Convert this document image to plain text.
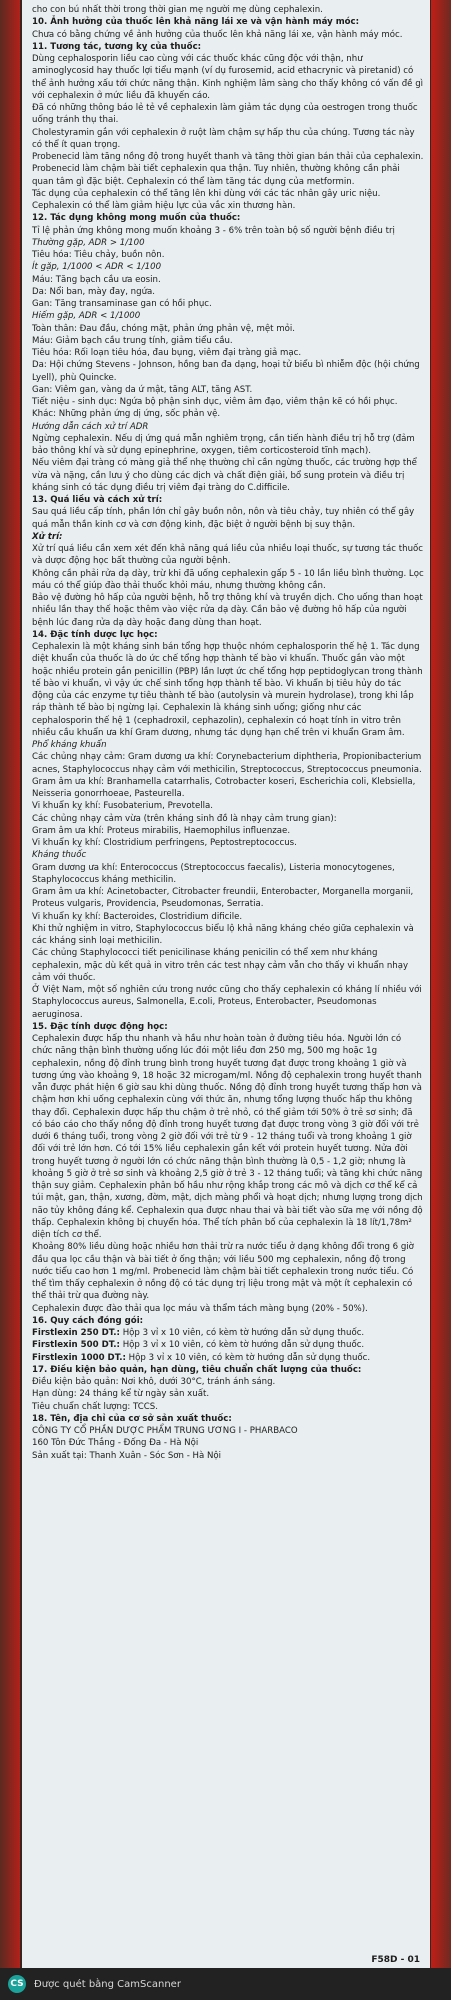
cho con bú nhất thời trong thời gian mẹ người mẹ dùng cephalexin.

10. Ảnh hưởng của thuốc lên khả năng lái xe và vận hành máy móc:

Chưa có bằng chứng về ảnh hưởng của thuốc lên khả năng lái xe, vận hành máy móc.

11. Tương tác, tương kỵ của thuốc:

Dùng cephalosporin liều cao cùng với các thuốc khác cũng độc với thận, như aminoglycosid hay thuốc lợi tiểu mạnh (ví dụ furosemid, acid ethacrynic và piretanid) có thể ảnh hưởng xấu tới chức năng thận. Kinh nghiệm lâm sàng cho thấy không có vấn đề gì với cephalexin ở mức liều đã khuyến cáo.

Đã có những thông báo lẻ tẻ về cephalexin làm giảm tác dụng của oestrogen trong thuốc uống tránh thụ thai.

Cholestyramin gắn với cephalexin ở ruột làm chậm sự hấp thu của chúng. Tương tác này có thể ít quan trọng.

Probenecid làm tăng nồng độ trong huyết thanh và tăng thời gian bán thải của cephalexin. Probenecid làm chậm bài tiết cephalexin qua thận. Tuy nhiên, thường không cần phải quan tâm gì đặc biệt. Cephalexin có thể làm tăng tác dụng của metformin.

Tác dụng của cephalexin có thể tăng lên khi dùng với các tác nhân gây uric niệu. Cephalexin có thể làm giảm hiệu lực của vắc xin thương hàn.

12. Tác dụng không mong muốn của thuốc:

Tỉ lệ phản ứng không mong muốn khoảng 3 - 6% trên toàn bộ số người bệnh điều trị

Thường gặp, ADR > 1/100

Tiêu hóa: Tiêu chảy, buồn nôn.

Ít gặp, 1/1000 < ADR < 1/100

Máu: Tăng bạch cầu ưa eosin.

Da: Nổi ban, mày đay, ngứa.

Gan: Tăng transaminase gan có hồi phục.

Hiếm gặp, ADR < 1/1000

Toàn thân: Đau đầu, chóng mặt, phản ứng phản vệ, mệt mỏi.

Máu: Giảm bạch cầu trung tính, giảm tiểu cầu.

Tiêu hóa: Rối loạn tiêu hóa, đau bụng, viêm đại tràng giả mạc.

Da: Hội chứng Stevens - Johnson, hồng ban đa dạng, hoại tử biểu bì nhiễm độc (hội chứng Lyell), phù Quincke.

Gan: Viêm gan, vàng da ứ mật, tăng ALT, tăng AST.

Tiết niệu - sinh dục: Ngứa bộ phận sinh dục, viêm âm đạo, viêm thận kẽ có hồi phục.

Khác: Những phản ứng dị ứng, sốc phản vệ.

Hướng dẫn cách xử trí ADR

Ngừng cephalexin. Nếu dị ứng quá mẫn nghiêm trọng, cần tiến hành điều trị hỗ trợ (đảm bảo thông khí và sử dụng epinephrine, oxygen, tiêm corticosteroid tĩnh mạch).

Nếu viêm đại tràng có màng giả thể nhẹ thường chỉ cần ngừng thuốc, các trường hợp thể vừa và nặng, cần lưu ý cho dùng các dịch và chất điện giải, bổ sung protein và điều trị kháng sinh có tác dụng điều trị viêm đại tràng do C.difficile.

13. Quá liều và cách xử trí:

Sau quá liều cấp tính, phần lớn chỉ gây buồn nôn, nôn và tiêu chảy, tuy nhiên có thể gây quá mẫn thần kinh cơ và cơn động kinh, đặc biệt ở người bệnh bị suy thận.

Xử trí:

Xử trí quá liều cần xem xét đến khả năng quá liều của nhiều loại thuốc, sự tương tác thuốc và dược động học bất thường của người bệnh.

Không cần phải rửa dạ dày, trừ khi đã uống cephalexin gấp 5 - 10 lần liều bình thường. Lọc máu có thể giúp đào thải thuốc khỏi máu, nhưng thường không cần.

Bảo vệ đường hô hấp của người bệnh, hỗ trợ thông khí và truyền dịch. Cho uống than hoạt nhiều lần thay thế hoặc thêm vào việc rửa dạ dày. Cần bảo vệ đường hô hấp của người bệnh lúc đang rửa dạ dày hoặc đang dùng than hoạt.

14. Đặc tính dược lực học:

Cephalexin là một kháng sinh bán tổng hợp thuộc nhóm cephalosporin thế hệ 1. Tác dụng diệt khuẩn của thuốc là do ức chế tổng hợp thành tế bào vi khuẩn. Thuốc gắn vào một hoặc nhiều protein gắn penicillin (PBP) lần lượt ức chế tổng hợp peptidoglycan trong thành tế bào vi khuẩn, vì vậy ức chế sinh tổng hợp thành tế bào. Vi khuẩn bị tiêu hủy do tác động của các enzyme tự tiêu thành tế bào (autolysin và murein hydrolase), trong khi lắp ráp thành tế bào bị ngừng lại. Cephalexin là kháng sinh uống; giống như các cephalosporin thế hệ 1 (cephadroxil, cephazolin), cephalexin có hoạt tính in vitro trên nhiều cầu khuẩn ưa khí Gram dương, nhưng tác dụng hạn chế trên vi khuẩn Gram âm.

Phổ kháng khuẩn

Các chủng nhạy cảm: Gram dương ưa khí: Corynebacterium diphtheria, Propionibacterium acnes, Staphylococcus nhạy cảm với methicilin, Streptococcus, Streptococcus pneumonia.

Gram âm ưa khí: Branhamella catarrhalis, Cotrobacter koseri, Escherichia coli, Klebsiella, Neisseria gonorrhoeae, Pasteurella.

Vi khuẩn kỵ khí: Fusobaterium, Prevotella.

Các chủng nhạy cảm vừa (trên kháng sinh đồ là nhạy cảm trung gian):

Gram âm ưa khí: Proteus mirabilis, Haemophilus influenzae.

Vi khuẩn kỵ khí: Clostridium perfringens, Peptostreptococcus.

Kháng thuốc

Gram dương ưa khí: Enterococcus (Streptococcus faecalis), Listeria monocytogenes, Staphylococcus kháng methicilin.

Gram âm ưa khí: Acinetobacter, Citrobacter freundii, Enterobacter, Morganella morganii, Proteus vulgaris, Providencia, Pseudomonas, Serratia.

Vi khuẩn kỵ khí: Bacteroides, Clostridium dificile.

Khi thử nghiệm in vitro, Staphylococcus biểu lộ khả năng kháng chéo giữa cephalexin và các kháng sinh loại methicilin.

Các chủng Staphylococci tiết penicilinase kháng penicilin có thể xem như kháng cephalexin, mặc dù kết quả in vitro trên các test nhạy cảm vẫn cho thấy vi khuẩn nhạy cảm với thuốc.

Ở Việt Nam, một số nghiên cứu trong nước cũng cho thấy cephalexin có kháng lí nhiều với Staphylococcus aureus, Salmonella, E.coli, Proteus, Enterobacter, Pseudomonas aeruginosa.

15. Đặc tính dược động học:

Cephalexin được hấp thu nhanh và hầu như hoàn toàn ở đường tiêu hóa. Người lớn có chức năng thận bình thường uống lúc đói một liều đơn 250 mg, 500 mg hoặc 1g cephalexin, nồng độ đỉnh trung bình trong huyết tương đạt được trong khoảng 1 giờ và tương ứng vào khoảng 9, 18 hoặc 32 microgam/ml. Nồng độ cephalexin trong huyết thanh vẫn được phát hiện 6 giờ sau khi dùng thuốc. Nồng độ đỉnh trong huyết tương thấp hơn và chậm hơn khi uống cephalexin cùng với thức ăn, nhưng tổng lượng thuốc hấp thu không thay đổi. Cephalexin được hấp thu chậm ở trẻ nhỏ, có thể giảm tới 50% ở trẻ sơ sinh; đã có báo cáo cho thấy nồng độ đỉnh trong huyết tương đạt được trong vòng 3 giờ đối với trẻ dưới 6 tháng tuổi, trong vòng 2 giờ đối với trẻ từ 9 - 12 tháng tuổi và trong khoảng 1 giờ đối với trẻ lớn hơn. Có tới 15% liều cephalexin gắn kết với protein huyết tương. Nửa đời trong huyết tương ở người lớn có chức năng thận bình thường là 0,5 - 1,2 giờ; nhưng là khoảng 5 giờ ở trẻ sơ sinh và khoảng 2,5 giờ ở trẻ 3 - 12 tháng tuổi; và tăng khi chức năng thận suy giảm. Cephalexin phân bố hầu như rộng khắp trong các mô và dịch cơ thể kể cả túi mật, gan, thận, xương, đờm, mật, dịch màng phổi và hoạt dịch; nhưng lượng trong dịch não tủy không đáng kể. Cephalexin qua được nhau thai và bài tiết vào sữa mẹ với nồng độ thấp. Cephalexin không bị chuyển hóa. Thể tích phân bố của cephalexin là 18 lít/1,78m² diện tích cơ thể.

Khoảng 80% liều dùng hoặc nhiều hơn thải trừ ra nước tiểu ở dạng không đổi trong 6 giờ đầu qua lọc cầu thận và bài tiết ở ống thận; với liều 500 mg cephalexin, nồng độ trong nước tiểu cao hơn 1 mg/ml. Probenecid làm chậm bài tiết cephalexin trong nước tiểu. Có thể tìm thấy cephalexin ở nồng độ có tác dụng trị liệu trong mật và một ít cephalexin có thể thải trừ qua đường này.

Cephalexin được đào thải qua lọc máu và thẩm tách màng bụng (20% - 50%).

16. Quy cách đóng gói:

Firstlexin 250 DT.: Hộp 3 vỉ x 10 viên, có kèm tờ hướng dẫn sử dụng thuốc.

Firstlexin 500 DT.: Hộp 3 vỉ x 10 viên, có kèm tờ hướng dẫn sử dụng thuốc.

Firstlexin 1000 DT.: Hộp 3 vỉ x 10 viên, có kèm tờ hướng dẫn sử dụng thuốc.

17. Điều kiện bảo quản, hạn dùng, tiêu chuẩn chất lượng của thuốc:

Điều kiện bảo quản: Nơi khô, dưới 30°C, tránh ánh sáng.

Hạn dùng: 24 tháng kể từ ngày sản xuất.

Tiêu chuẩn chất lượng: TCCS.

18. Tên, địa chỉ của cơ sở sản xuất thuốc:

CÔNG TY CỔ PHẦN DƯỢC PHẨM TRUNG ƯƠNG I - PHARBACO

160 Tôn Đức Thắng - Đống Đa - Hà Nội

Sản xuất tại: Thanh Xuân - Sóc Sơn - Hà Nội

F58D - 01
CS Được quét bằng CamScanner
